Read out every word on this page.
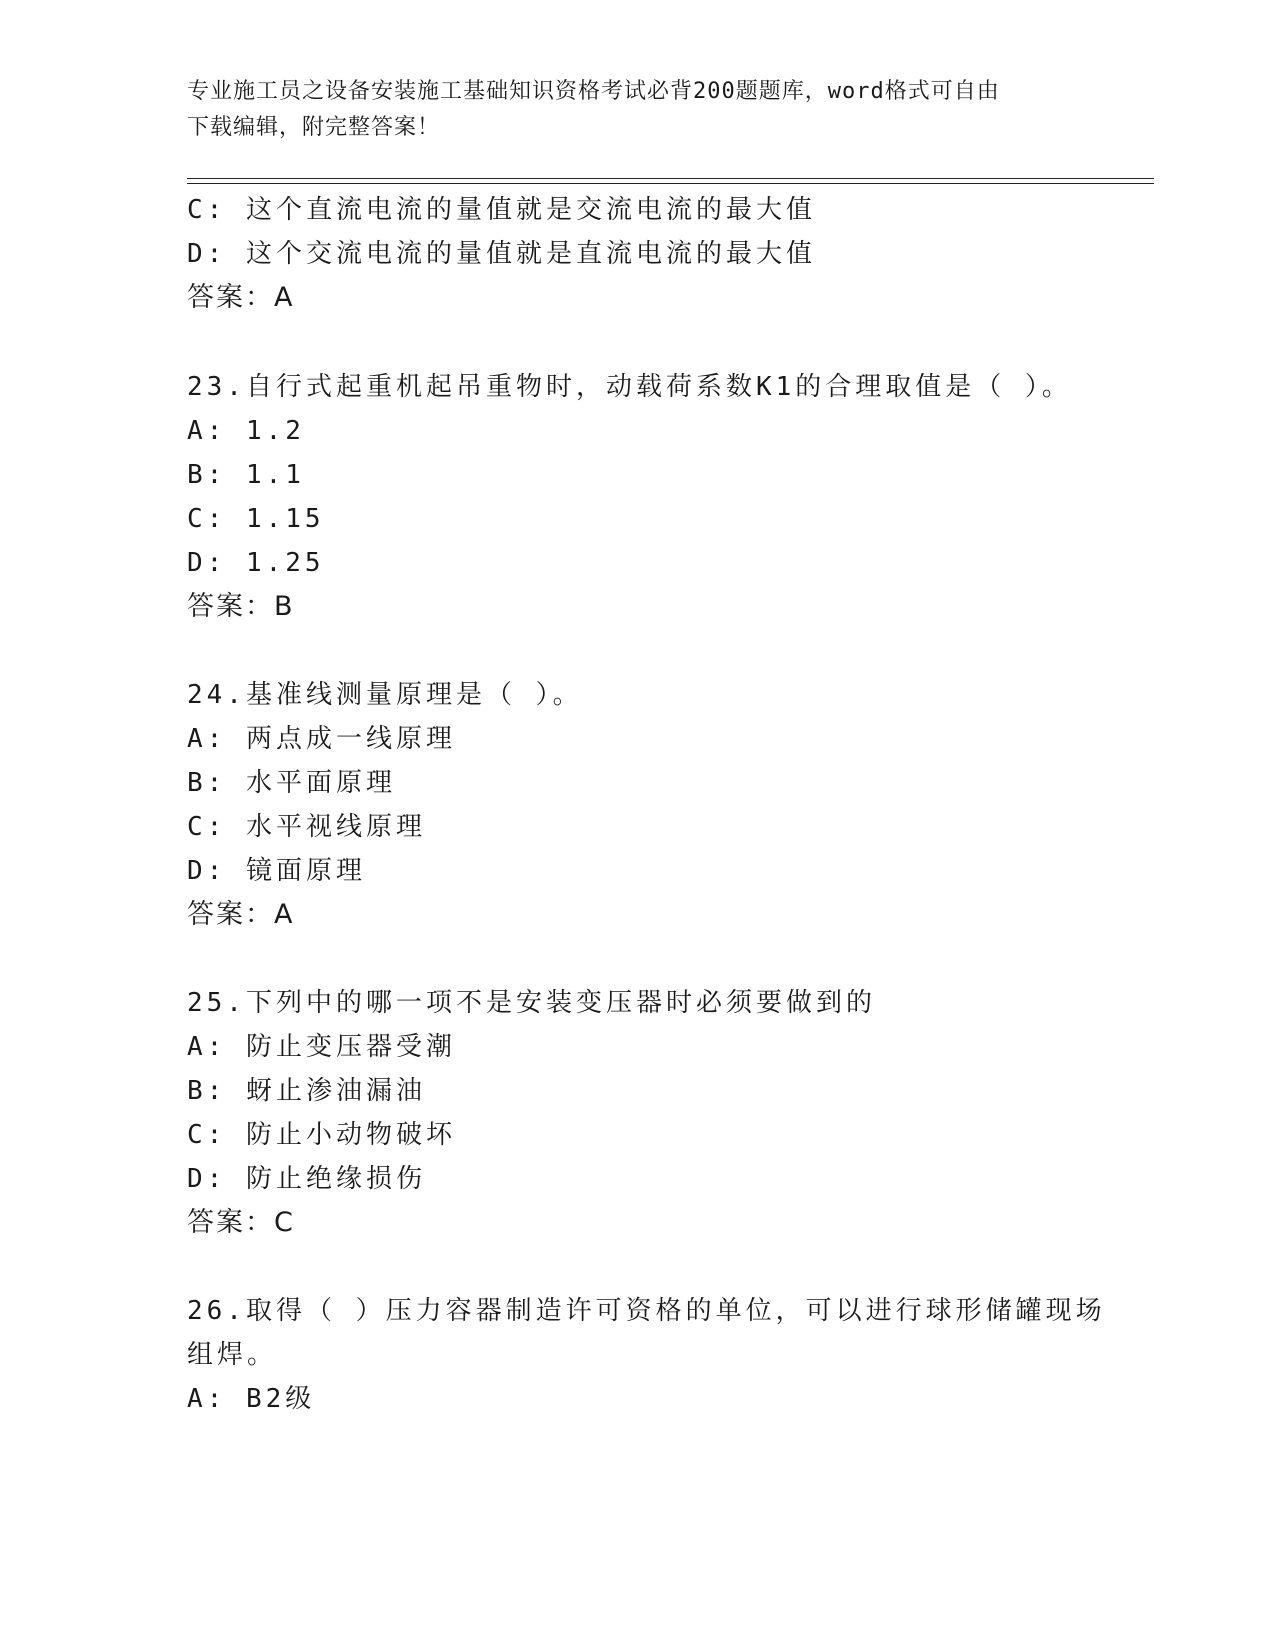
专业施工员之设备安装施工基础知识资格考试必背200题题库，word格式可自由
下载编辑，附完整答案！
C: 这个直流电流的量值就是交流电流的最大值
D: 这个交流电流的量值就是直流电流的最大值
答案：A
23.自行式起重机起吊重物时，动载荷系数K1的合理取值是（ ）。
A: 1.2
B: 1.1
C: 1.15
D: 1.25
答案：B
24.基准线测量原理是（ ）。
A: 两点成一线原理
B: 水平面原理
C: 水平视线原理
D: 镜面原理
答案：A
25.下列中的哪一项不是安装变压器时必须要做到的
A: 防止变压器受潮
B: 蚜止渗油漏油
C: 防止小动物破坏
D: 防止绝缘损伤
答案：C
26.取得（ ）压力容器制造许可资格的单位，可以进行球形储罐现场
组焊。
A: B2级
